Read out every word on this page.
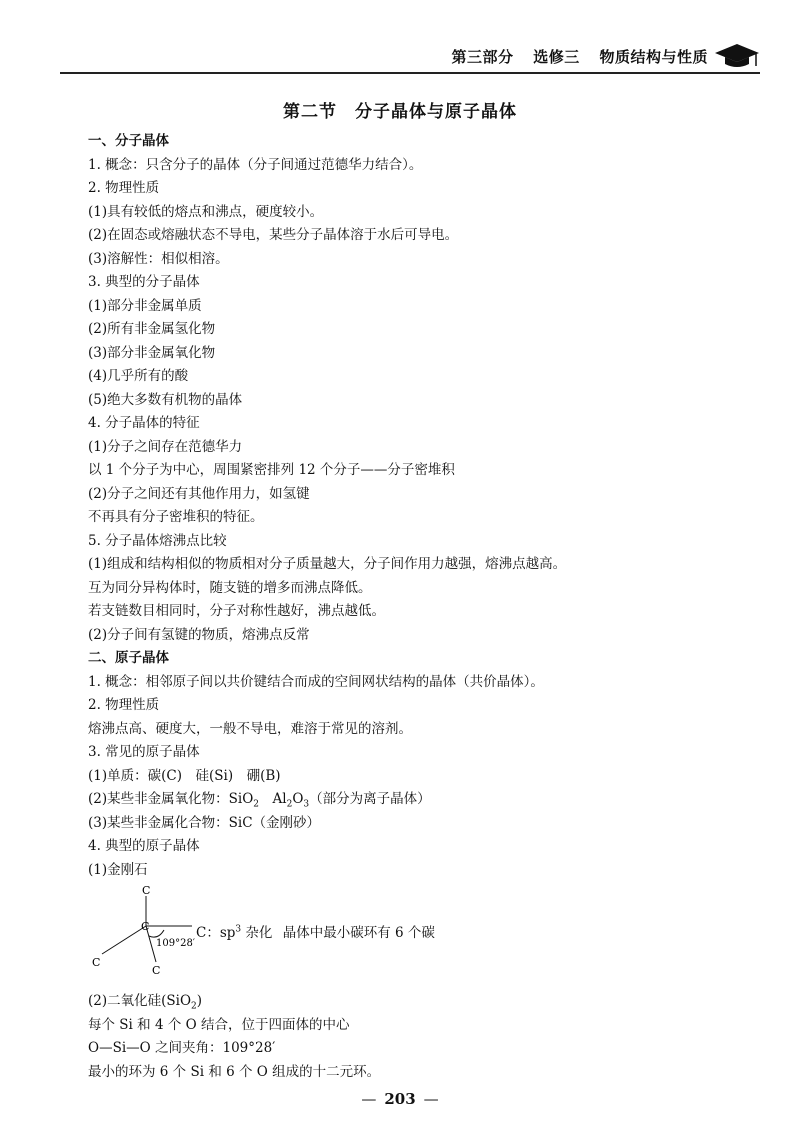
第三部分 选修三 物质结构与性质
第二节　分子晶体与原子晶体
一、分子晶体
1. 概念：只含分子的晶体（分子间通过范德华力结合）。
2. 物理性质
(1)具有较低的熔点和沸点，硬度较小。
(2)在固态或熔融状态不导电，某些分子晶体溶于水后可导电。
(3)溶解性：相似相溶。
3. 典型的分子晶体
(1)部分非金属单质
(2)所有非金属氢化物
(3)部分非金属氧化物
(4)几乎所有的酸
(5)绝大多数有机物的晶体
4. 分子晶体的特征
(1)分子之间存在范德华力
以 1 个分子为中心，周围紧密排列 12 个分子——分子密堆积
(2)分子之间还有其他作用力，如氢键
不再具有分子密堆积的特征。
5. 分子晶体熔沸点比较
(1)组成和结构相似的物质相对分子质量越大，分子间作用力越强，熔沸点越高。
互为同分异构体时，随支链的增多而沸点降低。
若支链数目相同时，分子对称性越好，沸点越低。
(2)分子间有氢键的物质，熔沸点反常
二、原子晶体
1. 概念：相邻原子间以共价键结合而成的空间网状结构的晶体（共价晶体）。
2. 物理性质
熔沸点高、硬度大，一般不导电，难溶于常见的溶剂。
3. 常见的原子晶体
(1)单质：碳(C)　硅(Si)　硼(B)
(2)某些非金属氧化物：SiO$_2$　$Al_2O_3$（部分为离子晶体）
(3)某些非金属化合物：SiC（金刚砂）
4. 典型的原子晶体
(1)金刚石
C
C
C
C
109°28′
C：$sp^3$ 杂化 晶体中最小碳环有 6 个碳
(2)二氧化硅(SiO$_2$)
每个 Si 和 4 个 O 结合，位于四面体的中心
O—Si—O 之间夹角：109°28′
最小的环为 6 个 Si 和 6 个 O 组成的十二元环。
— 203 —
